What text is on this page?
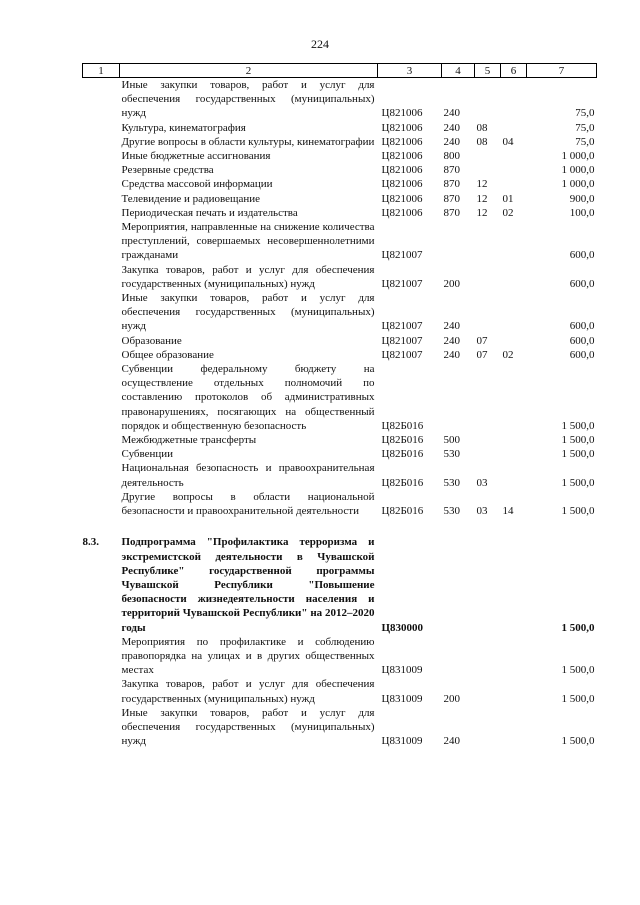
224
1	2	3	4	5	6	7
	Иные закупки товаров, работ и услуг для обеспечения государственных (муниципальных) нужд	Ц821006	240			75,0
	Культура, кинематография	Ц821006	240	08		75,0
	Другие вопросы в области культуры, кинематографии	Ц821006	240	08	04	75,0
	Иные бюджетные ассигнования	Ц821006	800			1 000,0
	Резервные средства	Ц821006	870			1 000,0
	Средства массовой информации	Ц821006	870	12		1 000,0
	Телевидение и радиовещание	Ц821006	870	12	01	900,0
	Периодическая печать и издательства	Ц821006	870	12	02	100,0
	Мероприятия, направленные на снижение количества преступлений, совершаемых несовершеннолетними гражданами	Ц821007				600,0
	Закупка товаров, работ и услуг для обеспечения государственных (муниципальных) нужд	Ц821007	200			600,0
	Иные закупки товаров, работ и услуг для обеспечения государственных (муниципальных) нужд	Ц821007	240			600,0
	Образование	Ц821007	240	07		600,0
	Общее образование	Ц821007	240	07	02	600,0
	Субвенции федеральному бюджету на осуществление отдельных полномочий по составлению протоколов об административных правонарушениях, посягающих на общественный порядок и общественную безопасность	Ц82Б016				1 500,0
	Межбюджетные трансферты	Ц82Б016	500			1 500,0
	Субвенции	Ц82Б016	530			1 500,0
	Национальная безопасность и правоохранительная деятельность	Ц82Б016	530	03		1 500,0
	Другие вопросы в области национальной безопасности и правоохранительной деятельности	Ц82Б016	530	03	14	1 500,0

8.3.	Подпрограмма "Профилактика терроризма и экстремистской деятельности в Чувашской Республике" государственной программы Чувашской Республики "Повышение безопасности жизнедеятельности населения и территорий Чувашской Республики" на 2012–2020 годы	Ц830000				1 500,0
	Мероприятия по профилактике и соблюдению правопорядка на улицах и в других общественных местах	Ц831009				1 500,0
	Закупка товаров, работ и услуг для обеспечения государственных (муниципальных) нужд	Ц831009	200			1 500,0
	Иные закупки товаров, работ и услуг для обеспечения государственных (муниципальных) нужд	Ц831009	240			1 500,0
